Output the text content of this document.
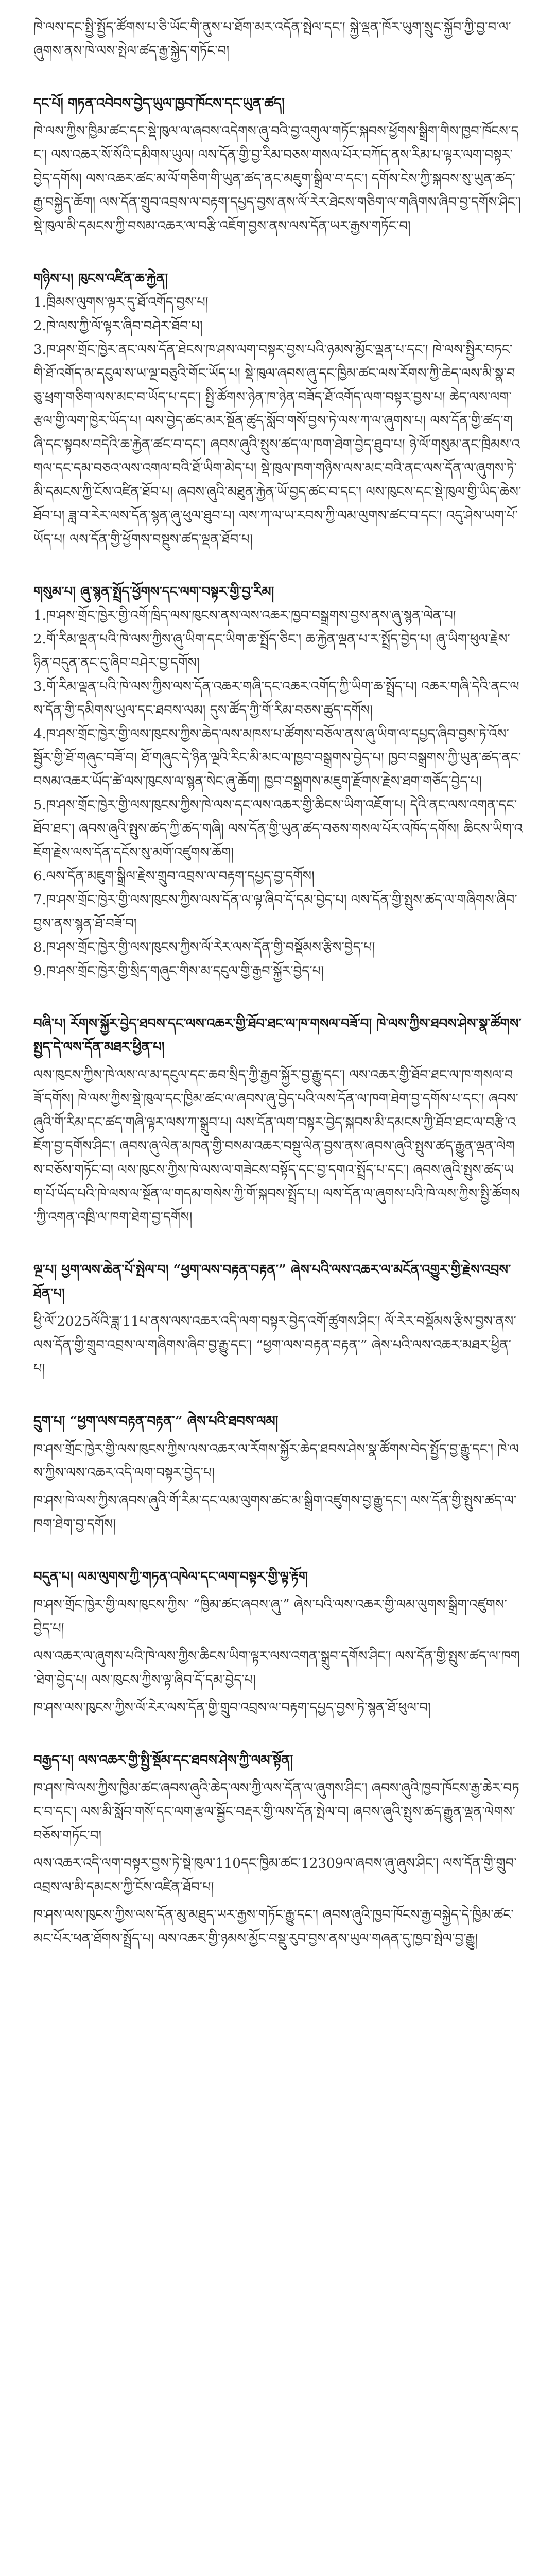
ཁེ་ལས་དང་སྤྱི་སྤྱོད་ཚོགས་པ་ཅི་ཡོང་གི་ནུས་པ་ཐོག་མར་འདོན་སྤེལ་དང་། སྐྱེ་ལྡན་ཁོར་ཡུག་སྲུང་སྐྱོབ་ཀྱི་བྱ་བ་ལ་ཞུགས་ནས་ཁེ་ལས་སྤེལ་ཚད་རྒྱ་སྐྱེད་གཏོང་བ།

དང་པོ། གཏན་འབེབས་བྱེད་ཡུལ་ཁྱབ་ཁོངས་དང་ཡུན་ཚད།

ཁེ་ལས་ཀྱིས་ཁྱིམ་ཚང་དང་སྡེ་ཁུལ་ལ་ཞབས་འདེགས་ཞུ་བའི་བྱ་འགུལ་གཏོང་སྐབས་ཕྱོགས་སྒྲིག་གིས་ཁྱབ་ཁོངས་དང་། ལས་འཆར་སོ་སོའི་དམིགས་ཡུལ། ལས་དོན་གྱི་བྱ་རིམ་བཅས་གསལ་པོར་བཀོད་ནས་རིམ་པ་ལྟར་ལག་བསྟར་བྱེད་དགོས། ལས་འཆར་ཚང་མ་ལོ་གཅིག་གི་ཡུན་ཚད་ནང་མཇུག་སྒྲིལ་བ་དང་། དགོས་ངེས་ཀྱི་སྐབས་སུ་ཡུན་ཚད་རྒྱ་བསྐྱེད་ཆོག། ལས་དོན་གྲུབ་འབྲས་ལ་བརྟག་དཔྱད་བྱས་ནས་ལོ་རེར་ཐེངས་གཅིག་ལ་གཞིགས་ཞིབ་བྱ་དགོས་ཤིང་། སྡེ་ཁུལ་མི་དམངས་ཀྱི་བསམ་འཆར་ལ་བརྩི་འཇོག་བྱས་ནས་ལས་དོན་ཡར་རྒྱས་གཏོང་བ།

གཉིས་པ། ཁུངས་འཛིན་ཆ་རྐྱེན།
1.ཁྲིམས་ལུགས་ལྟར་དུ་ཐོ་འགོད་བྱས་པ།
2.ཁེ་ལས་ཀྱི་ལོ་ལྟར་ཞིབ་བཤེར་ཐོབ་པ།
3.ཁ་ཤས་གྲོང་ཁྱེར་ནང་ལས་དོན་ཐེངས་ཁ་ཤས་ལག་བསྟར་བྱས་པའི་ཉམས་མྱོང་ལྡན་པ་དང་། ཁེ་ལས་སྤྱིར་བཏང་གི་ཐོ་འགོད་མ་དངུལ་ས་ཡ་ལྔ་བཅུའི་གོང་ཡོད་པ། སྡེ་ཁུལ་ཞབས་ཞུ་དང་ཁྱིམ་ཚང་ལས་རོགས་ཀྱི་ཆེད་ལས་མི་སྣ་བཅུ་ཕྲག་གཅིག་ལས་མང་བ་ཡོད་པ་དང་། སྤྱི་ཚོགས་ཉེན་ཁ་ཉེན་བཟོད་ཐོ་འགོད་ལག་བསྟར་བྱས་པ། ཆེད་ལས་ལག་རྩལ་གྱི་ལག་ཁྱེར་ཡོད་པ། ལས་བྱེད་ཚང་མར་སྔོན་ཚུད་སློབ་གསོ་བྱས་ཏེ་ལས་ཀ་ལ་ཞུགས་པ། ལས་དོན་གྱི་ཚད་གཞི་དང་སྟབས་བདེའི་ཆ་རྐྱེན་ཚང་བ་དང་། ཞབས་ཞུའི་སྤུས་ཚད་ལ་ཁག་ཐེག་བྱེད་ཐུབ་པ། ཉེ་ལོ་གསུམ་ནང་ཁྲིམས་འགལ་དང་དམ་བཅའ་ལས་འགལ་བའི་ཐོ་ཡིག་མེད་པ། སྡེ་ཁུལ་ཁག་གཉིས་ལས་མང་བའི་ནང་ལས་དོན་ལ་ཞུགས་ཏེ་མི་དམངས་ཀྱི་ངོས་འཛིན་ཐོབ་པ། ཞབས་ཞུའི་མཐུན་རྐྱེན་ཡོ་བྱད་ཚང་བ་དང་། ལས་ཁུངས་དང་སྡེ་ཁུལ་གྱི་ཡིད་ཆེས་ཐོབ་པ། ཟླ་བ་རེར་ལས་དོན་སྙན་ཞུ་ཕུལ་ཐུབ་པ། ལས་ཀ་ལ་ཡ་རབས་ཀྱི་ལམ་ལུགས་ཚང་བ་དང་། འདུ་ཤེས་ཡག་པོ་ཡོད་པ། ལས་དོན་གྱི་ཕྱོགས་བསྡུས་ཚད་ལྡན་ཐོབ་པ།
གསུམ་པ། ཞུ་སྙན་སྤྲོད་ཕྱོགས་དང་ལག་བསྟར་གྱི་བྱ་རིམ།
1.ཁ་ཤས་གྲོང་ཁྱེར་གྱི་འགོ་ཁྲིད་ལས་ཁུངས་ནས་ལས་འཆར་ཁྱབ་བསྒྲགས་བྱས་ནས་ཞུ་སྙན་ལེན་པ།
2.གོ་རིམ་ལྡན་པའི་ཁེ་ལས་ཀྱིས་ཞུ་ཡིག་དང་ཡིག་ཆ་སྤྲོད་ཅིང་། ཆ་རྐྱེན་ལྡན་པ་ར་སྤྲོད་བྱེད་པ། ཞུ་ཡིག་ཕུལ་རྗེས་ཉིན་བདུན་ནང་དུ་ཞིབ་བཤེར་བྱ་དགོས།
3.གོ་རིམ་ལྡན་པའི་ཁེ་ལས་ཀྱིས་ལས་དོན་འཆར་གཞི་དང་འཆར་འགོད་ཀྱི་ཡིག་ཆ་སྤྲོད་པ། འཆར་གཞི་དེའི་ནང་ལས་དོན་གྱི་དམིགས་ཡུལ་དང་ཐབས་ལམ། དུས་ཚོད་ཀྱི་གོ་རིམ་བཅས་ཚུད་དགོས།
4.ཁ་ཤས་གྲོང་ཁྱེར་གྱི་ལས་ཁུངས་ཀྱིས་ཆེད་ལས་མཁས་པ་ཚོགས་བཅོལ་ནས་ཞུ་ཡིག་ལ་དཔྱད་ཞིབ་བྱས་ཏེ་འོས་སྦྱོར་གྱི་ཐོ་གཞུང་བཟོ་བ། ཐོ་གཞུང་དེ་ཉིན་ལྔའི་རིང་མི་མང་ལ་ཁྱབ་བསྒྲགས་བྱེད་པ། ཁྱབ་བསྒྲགས་ཀྱི་ཡུན་ཚད་ནང་བསམ་འཆར་ཡོད་ཚེ་ལས་ཁུངས་ལ་སྙན་སེང་ཞུ་ཆོག། ཁྱབ་བསྒྲགས་མཇུག་རྫོགས་རྗེས་ཐག་གཅོད་བྱེད་པ།
5.ཁ་ཤས་གྲོང་ཁྱེར་གྱི་ལས་ཁུངས་ཀྱིས་ཁེ་ལས་དང་ལས་འཆར་གྱི་ཆིངས་ཡིག་འཇོག་པ། དེའི་ནང་ལས་འགན་དང་ཐོབ་ཐང་། ཞབས་ཞུའི་སྤུས་ཚད་ཀྱི་ཚད་གཞི། ལས་དོན་གྱི་ཡུན་ཚད་བཅས་གསལ་པོར་འཁོད་དགོས། ཆིངས་ཡིག་འཇོག་རྗེས་ལས་དོན་དངོས་སུ་མགོ་འཛུགས་ཆོག།
6.ལས་དོན་མཇུག་སྒྲིལ་རྗེས་གྲུབ་འབྲས་ལ་བརྟག་དཔྱད་བྱ་དགོས།
7.ཁ་ཤས་གྲོང་ཁྱེར་གྱི་ལས་ཁུངས་ཀྱིས་ལས་དོན་ལ་ལྟ་ཞིབ་དོ་དམ་བྱེད་པ། ལས་དོན་གྱི་སྤུས་ཚད་ལ་གཞིགས་ཞིབ་བྱས་ནས་སྙན་ཐོ་བཟོ་བ།
8.ཁ་ཤས་གྲོང་ཁྱེར་གྱི་ལས་ཁུངས་ཀྱིས་ལོ་རེར་ལས་དོན་གྱི་བསྡོམས་རྩིས་བྱེད་པ།
9.ཁ་ཤས་གྲོང་ཁྱེར་གྱི་སྲིད་གཞུང་གིས་མ་དངུལ་གྱི་རྒྱབ་སྐྱོར་བྱེད་པ།
བཞི་པ། རོགས་སྐྱོར་བྱེད་ཐབས་དང་ལས་འཆར་གྱི་ཐོབ་ཐང་ལ་ཁ་གསལ་བཟོ་བ། ཁེ་ལས་ཀྱིས་ཐབས་ཤེས་སྣ་ཚོགས་སྤྱད་དེ་ལས་དོན་མཐར་ཕྱིན་པ།

ལས་ཁུངས་ཀྱིས་ཁེ་ལས་ལ་མ་དངུལ་དང་ཆབ་སྲིད་ཀྱི་རྒྱབ་སྐྱོར་བྱ་རྒྱུ་དང་། ལས་འཆར་གྱི་ཐོབ་ཐང་ལ་ཁ་གསལ་བཟོ་དགོས། ཁེ་ལས་ཀྱིས་སྡེ་ཁུལ་དང་ཁྱིམ་ཚང་ལ་ཞབས་ཞུ་བྱེད་པའི་ལས་དོན་ལ་ཁག་ཐེག་བྱ་དགོས་པ་དང་། ཞབས་ཞུའི་གོ་རིམ་དང་ཚད་གཞི་ལྟར་ལས་ཀ་སྒྲུབ་པ། ལས་དོན་ལག་བསྟར་བྱེད་སྐབས་མི་དམངས་ཀྱི་ཐོབ་ཐང་ལ་བརྩི་འཇོག་བྱ་དགོས་ཤིང་། ཞབས་ཞུ་ལེན་མཁན་གྱི་བསམ་འཆར་བསྡུ་ལེན་བྱས་ནས་ཞབས་ཞུའི་སྤུས་ཚད་རྒྱུན་ལྡན་ལེགས་བཅོས་གཏོང་བ། ལས་ཁུངས་ཀྱིས་ཁེ་ལས་ལ་གཟེངས་བསྟོད་དང་བྱ་དགའ་སྤྲོད་པ་དང་། ཞབས་ཞུའི་སྤུས་ཚད་ཡག་པོ་ཡོད་པའི་ཁེ་ལས་ལ་སྔོན་ལ་གདམ་གསེས་ཀྱི་གོ་སྐབས་སྤྲོད་པ། ལས་དོན་ལ་ཞུགས་པའི་ཁེ་ལས་ཀྱིས་སྤྱི་ཚོགས་ཀྱི་འགན་འཁྲི་ལ་ཁག་ཐེག་བྱ་དགོས།

ལྔ་པ། ཕྱག་ལས་ཆེན་པོ་སྤེལ་བ། “ཕྱག་ལས་བརྟན་བརྟན་” ཞེས་པའི་ལས་འཆར་ལ་མངོན་འགྱུར་གྱི་རྗེས་འབྲས་ཐོན་པ།

ཕྱི་ལོ་2025ལོའི་ཟླ་11པ་ནས་ལས་འཆར་འདི་ལག་བསྟར་བྱེད་འགོ་ཚུགས་ཤིང་། ལོ་རེར་བསྡོམས་རྩིས་བྱས་ནས་ལས་དོན་གྱི་གྲུབ་འབྲས་ལ་གཞིགས་ཞིབ་བྱ་རྒྱུ་དང་། “ཕྱག་ལས་བརྟན་བརྟན་” ཞེས་པའི་ལས་འཆར་མཐར་ཕྱིན་པ།

དྲུག་པ། “ཕྱག་ལས་བརྟན་བརྟན་” ཞེས་པའི་ཐབས་ལམ།

ཁ་ཤས་གྲོང་ཁྱེར་གྱི་ལས་ཁུངས་ཀྱིས་ལས་འཆར་ལ་རོགས་སྐྱོར་ཆེད་ཐབས་ཤེས་སྣ་ཚོགས་བེད་སྤྱོད་བྱ་རྒྱུ་དང་། ཁེ་ལས་ཀྱིས་ལས་འཆར་འདི་ལག་བསྟར་བྱེད་པ།

ཁ་ཤས་ཁེ་ལས་ཀྱིས་ཞབས་ཞུའི་གོ་རིམ་དང་ལམ་ལུགས་ཚང་མ་སྒྲིག་འཛུགས་བྱ་རྒྱུ་དང་། ལས་དོན་གྱི་སྤུས་ཚད་ལ་ཁག་ཐེག་བྱ་དགོས།

བདུན་པ། ལམ་ལུགས་ཀྱི་གཏན་འཁེལ་དང་ལག་བསྟར་གྱི་ལྟ་རྟོག

ཁ་ཤས་གྲོང་ཁྱེར་གྱི་ལས་ཁུངས་ཀྱིས་ “ཁྱིམ་ཚང་ཞབས་ཞུ་” ཞེས་པའི་ལས་འཆར་གྱི་ལམ་ལུགས་སྒྲིག་འཛུགས་བྱེད་པ།

ལས་འཆར་ལ་ཞུགས་པའི་ཁེ་ལས་ཀྱིས་ཆིངས་ཡིག་ལྟར་ལས་འགན་སྒྲུབ་དགོས་ཤིང་། ལས་དོན་གྱི་སྤུས་ཚད་ལ་ཁག་ཐེག་བྱེད་པ། ལས་ཁུངས་ཀྱིས་ལྟ་ཞིབ་དོ་དམ་བྱེད་པ།

ཁ་ཤས་ལས་ཁུངས་ཀྱིས་ལོ་རེར་ལས་དོན་གྱི་གྲུབ་འབྲས་ལ་བརྟག་དཔྱད་བྱས་ཏེ་སྙན་ཐོ་ཕུལ་བ།

བརྒྱད་པ། ལས་འཆར་གྱི་སྤྱི་སྡོམ་དང་ཐབས་ཤེས་ཀྱི་ལམ་སྟོན།

ཁ་ཤས་ཁེ་ལས་ཀྱིས་ཁྱིམ་ཚང་ཞབས་ཞུའི་ཆེད་ལས་ཀྱི་ལས་དོན་ལ་ཞུགས་ཤིང་། ཞབས་ཞུའི་ཁྱབ་ཁོངས་རྒྱ་ཆེར་བཏང་བ་དང་། ལས་མི་སློབ་གསོ་དང་ལག་རྩལ་སྦྱོང་བརྡར་གྱི་ལས་དོན་སྤེལ་བ། ཞབས་ཞུའི་སྤུས་ཚད་རྒྱུན་ལྡན་ལེགས་བཅོས་གཏོང་བ།

ལས་འཆར་འདི་ལག་བསྟར་བྱས་ཏེ་སྡེ་ཁུལ་110དང་ཁྱིམ་ཚང་12309ལ་ཞབས་ཞུ་ཞུས་ཤིང་། ལས་དོན་གྱི་གྲུབ་འབྲས་ལ་མི་དམངས་ཀྱི་ངོས་འཛིན་ཐོབ་པ།

ཁ་ཤས་ལས་ཁུངས་ཀྱིས་ལས་དོན་མུ་མཐུད་ཡར་རྒྱས་གཏོང་རྒྱུ་དང་། ཞབས་ཞུའི་ཁྱབ་ཁོངས་རྒྱ་བསྐྱེད་དེ་ཁྱིམ་ཚང་མང་པོར་ཕན་ཐོགས་སྤྲོད་པ། ལས་འཆར་གྱི་ཉམས་མྱོང་བསྡུ་རུབ་བྱས་ནས་ཡུལ་གཞན་དུ་ཁྱབ་སྤེལ་བྱ་རྒྱུ།
